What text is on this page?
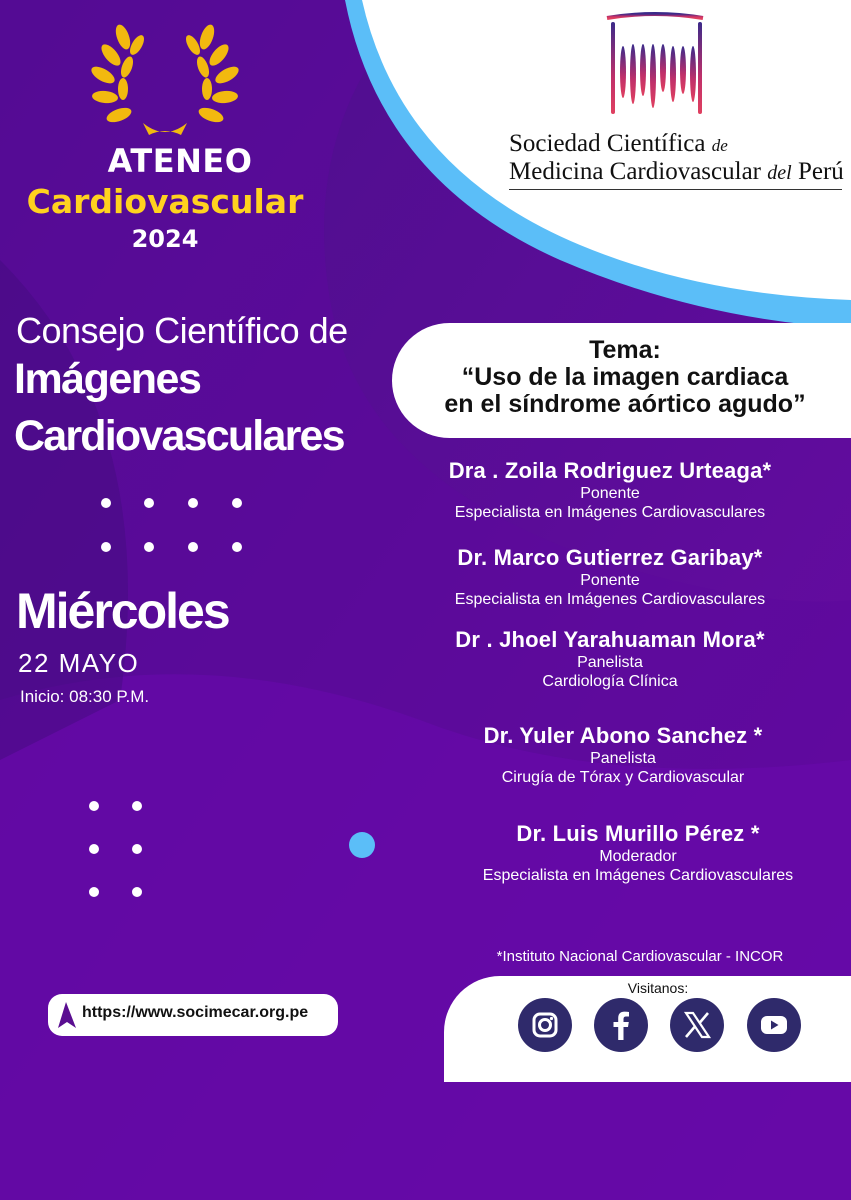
ATENEO
Cardiovascular
2024
Consejo Científico de
Imágenes
Cardiovasculares
Miércoles
22 MAYO
Inicio: 08:30 P.M.
Sociedad Científica de
Medicina Cardiovascular del Perú
Tema:
“Uso de la imagen cardiaca
en el síndrome aórtico agudo”
Dra . Zoila Rodriguez Urteaga*
Ponente
Especialista en Imágenes Cardiovasculares
Dr. Marco Gutierrez Garibay*
Ponente
Especialista en Imágenes Cardiovasculares
Dr . Jhoel Yarahuaman Mora*
Panelista
Cardiología Clínica
Dr. Yuler Abono Sanchez *
Panelista
Cirugía de Tórax y Cardiovascular
Dr. Luis Murillo Pérez *
Moderador
Especialista en Imágenes Cardiovasculares
*Instituto Nacional Cardiovascular - INCOR
https://www.socimecar.org.pe
Visitanos:
